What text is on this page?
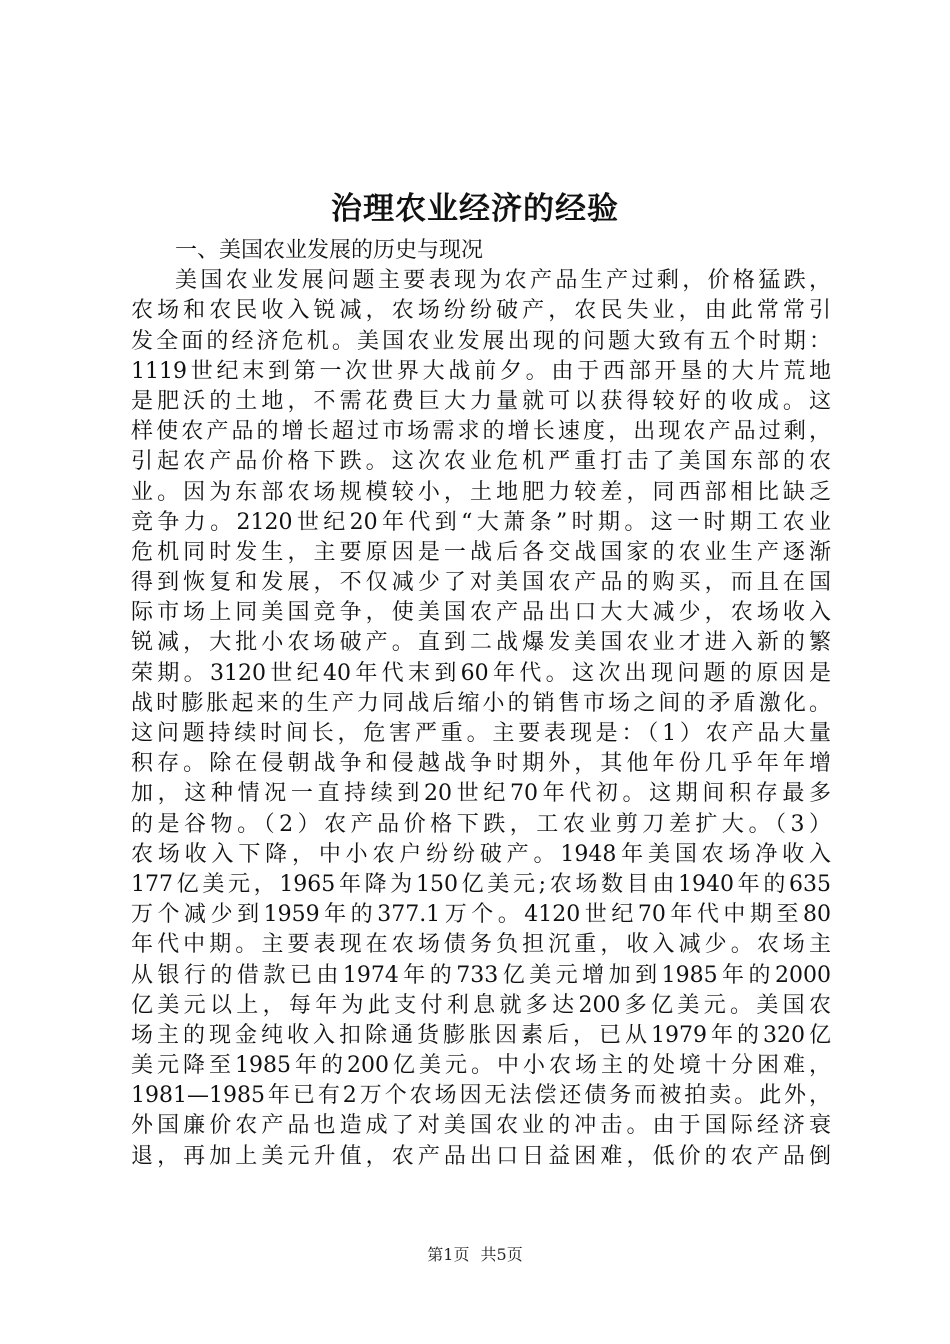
治理农业经济的经验
一、美国农业发展的历史与现况
美国农业发展问题主要表现为农产品生产过剩，价格猛跌，
农场和农民收入锐减，农场纷纷破产，农民失业，由此常常引
发全面的经济危机。美国农业发展出现的问题大致有五个时期：
1119世纪末到第一次世界大战前夕。由于西部开垦的大片荒地
是肥沃的土地，不需花费巨大力量就可以获得较好的收成。这
样使农产品的增长超过市场需求的增长速度，出现农产品过剩，
引起农产品价格下跌。这次农业危机严重打击了美国东部的农
业。因为东部农场规模较小，土地肥力较差，同西部相比缺乏
竞争力。2120世纪20年代到“大萧条”时期。这一时期工农业
危机同时发生，主要原因是一战后各交战国家的农业生产逐渐
得到恢复和发展，不仅减少了对美国农产品的购买，而且在国
际市场上同美国竞争，使美国农产品出口大大减少，农场收入
锐减，大批小农场破产。直到二战爆发美国农业才进入新的繁
荣期。3120世纪40年代末到60年代。这次出现问题的原因是
战时膨胀起来的生产力同战后缩小的销售市场之间的矛盾激化。
这问题持续时间长，危害严重。主要表现是：（1）农产品大量
积存。除在侵朝战争和侵越战争时期外，其他年份几乎年年增
加，这种情况一直持续到20世纪70年代初。这期间积存最多
的是谷物。（2）农产品价格下跌，工农业剪刀差扩大。（3）
农场收入下降，中小农户纷纷破产。1948年美国农场净收入
177亿美元，1965年降为150亿美元;农场数目由1940年的635
万个减少到1959年的377.1万个。4120世纪70年代中期至80
年代中期。主要表现在农场债务负担沉重，收入减少。农场主
从银行的借款已由1974年的733亿美元增加到1985年的2000
亿美元以上，每年为此支付利息就多达200多亿美元。美国农
场主的现金纯收入扣除通货膨胀因素后，已从1979年的320亿
美元降至1985年的200亿美元。中小农场主的处境十分困难，
1981—1985年已有2万个农场因无法偿还债务而被拍卖。此外，
外国廉价农产品也造成了对美国农业的冲击。由于国际经济衰
退，再加上美元升值，农产品出口日益困难，低价的农产品倒
第1页 共5页
